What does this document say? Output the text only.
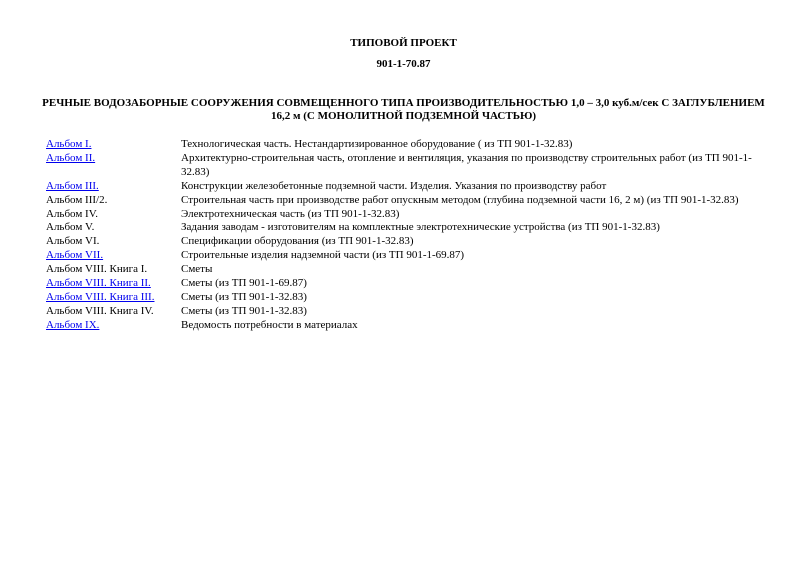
ТИПОВОЙ ПРОЕКТ
901-1-70.87
РЕЧНЫЕ ВОДОЗАБОРНЫЕ СООРУЖЕНИЯ СОВМЕЩЕННОГО ТИПА ПРОИЗВОДИТЕЛЬНОСТЬЮ 1,0 – 3,0 куб.м/сек С ЗАГЛУБЛЕНИЕМ 16,2 м (С МОНОЛИТНОЙ ПОДЗЕМНОЙ ЧАСТЬЮ)
Альбом I.	Технологическая часть. Нестандартизированное оборудование ( из ТП 901-1-32.83)
Альбом II.	Архитектурно-строительная часть, отопление и вентиляция, указания по производству строительных работ (из ТП 901-1-32.83)
Альбом III.	Конструкции железобетонные подземной части. Изделия. Указания по производству работ
Альбом III/2.	Строительная часть при производстве работ опускным методом (глубина подземной части 16, 2 м) (из ТП 901-1-32.83)
Альбом IV.	Электротехническая часть (из ТП 901-1-32.83)
Альбом V.	Задания заводам - изготовителям на комплектные электротехнические устройства (из ТП 901-1-32.83)
Альбом VI.	Спецификации оборудования (из ТП 901-1-32.83)
Альбом VII.	Строительные изделия надземной части (из ТП 901-1-69.87)
Альбом VIII. Книга I.	Сметы
Альбом VIII. Книга II.	Сметы (из ТП 901-1-69.87)
Альбом VIII. Книга III.	Сметы (из ТП 901-1-32.83)
Альбом VIII. Книга IV.	Сметы (из ТП 901-1-32.83)
Альбом IX.	Ведомость потребности в материалах
